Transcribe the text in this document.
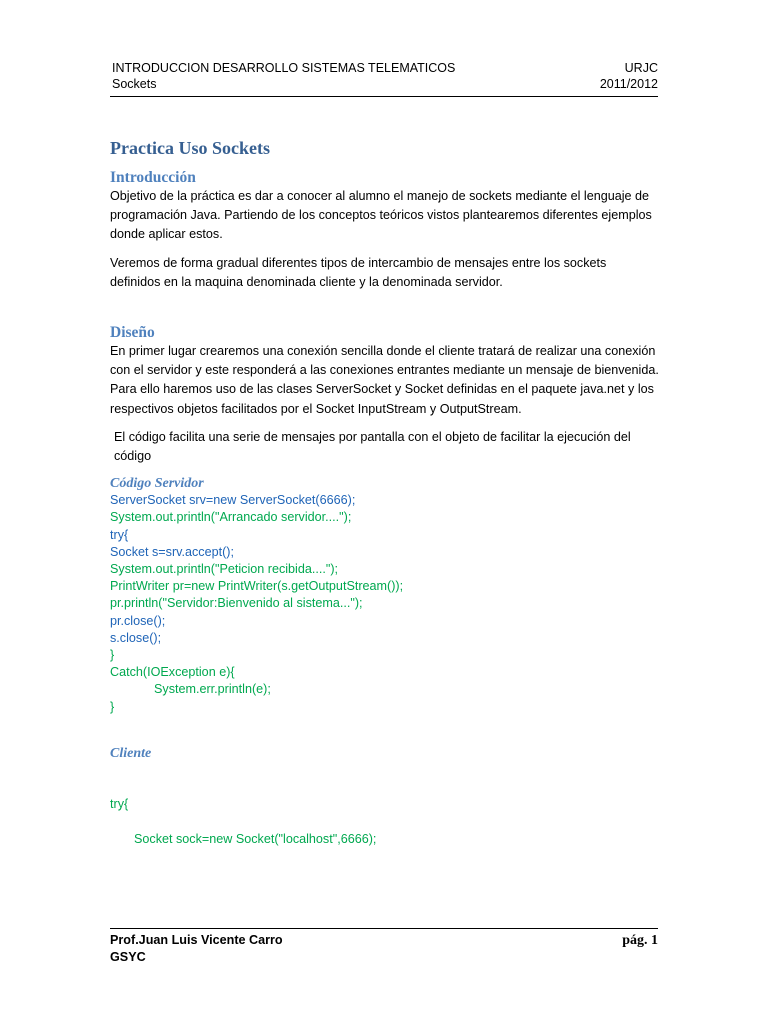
INTRODUCCION DESARROLLO SISTEMAS TELEMATICOS	URJC
Sockets	2011/2012
Practica Uso Sockets
Introducción

Objetivo de la práctica es dar a conocer al alumno el manejo de sockets mediante el lenguaje de programación Java. Partiendo de los conceptos teóricos vistos plantearemos diferentes ejemplos donde aplicar estos.

Veremos de forma gradual diferentes tipos de intercambio de mensajes entre los sockets definidos en la maquina denominada cliente y la denominada servidor.

Diseño

En primer lugar crearemos una conexión sencilla donde el cliente tratará de realizar una conexión con el servidor y este responderá a las conexiones entrantes mediante un mensaje de bienvenida. Para ello haremos uso de las clases ServerSocket y Socket definidas en el paquete java.net y los respectivos objetos facilitados por el Socket InputStream y OutputStream.

El código facilita una serie de mensajes por pantalla con el objeto de facilitar la ejecución del código

Código Servidor
ServerSocket srv=new ServerSocket(6666);
System.out.println("Arrancado servidor....");
try{
Socket s=srv.accept();
System.out.println("Peticion recibida....");
PrintWriter pr=new PrintWriter(s.getOutputStream());
pr.println("Servidor:Bienvenido al sistema...");
pr.close();
s.close();
}
Catch(IOException e){
System.err.println(e);
}
Cliente
try{
Socket sock=new Socket("localhost",6666);
Prof.Juan Luis Vicente Carro	pág. 1
GSYC
